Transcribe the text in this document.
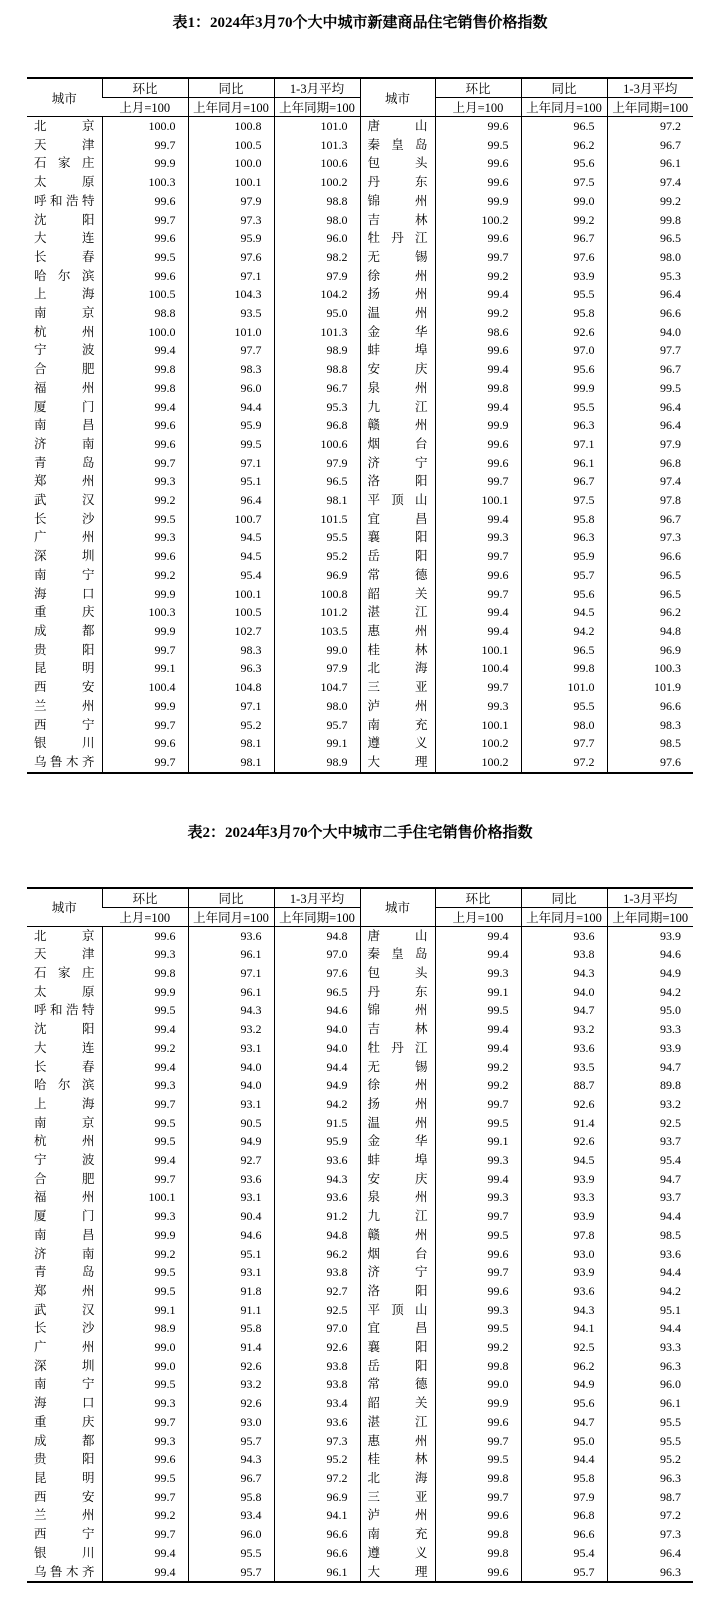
表1：2024年3月70个大中城市新建商品住宅销售价格指数
城市	环比	同比	1-3月平均	城市	环比	同比	1-3月平均
	上月=100	上年同月=100	上年同期=100		上月=100	上年同月=100	上年同期=100
北京	100.0	100.8	101.0	唐山	99.6	96.5	97.2
天津	99.7	100.5	101.3	秦皇岛	99.5	96.2	96.7
石家庄	99.9	100.0	100.6	包头	99.6	95.6	96.1
太原	100.3	100.1	100.2	丹东	99.6	97.5	97.4
呼和浩特	99.6	97.9	98.8	锦州	99.9	99.0	99.2
沈阳	99.7	97.3	98.0	吉林	100.2	99.2	99.8
大连	99.6	95.9	96.0	牡丹江	99.6	96.7	96.5
长春	99.5	97.6	98.2	无锡	99.7	97.6	98.0
哈尔滨	99.6	97.1	97.9	徐州	99.2	93.9	95.3
上海	100.5	104.3	104.2	扬州	99.4	95.5	96.4
南京	98.8	93.5	95.0	温州	99.2	95.8	96.6
杭州	100.0	101.0	101.3	金华	98.6	92.6	94.0
宁波	99.4	97.7	98.9	蚌埠	99.6	97.0	97.7
合肥	99.8	98.3	98.8	安庆	99.4	95.6	96.7
福州	99.8	96.0	96.7	泉州	99.8	99.9	99.5
厦门	99.4	94.4	95.3	九江	99.4	95.5	96.4
南昌	99.6	95.9	96.8	赣州	99.9	96.3	96.4
济南	99.6	99.5	100.6	烟台	99.6	97.1	97.9
青岛	99.7	97.1	97.9	济宁	99.6	96.1	96.8
郑州	99.3	95.1	96.5	洛阳	99.7	96.7	97.4
武汉	99.2	96.4	98.1	平顶山	100.1	97.5	97.8
长沙	99.5	100.7	101.5	宜昌	99.4	95.8	96.7
广州	99.3	94.5	95.5	襄阳	99.3	96.3	97.3
深圳	99.6	94.5	95.2	岳阳	99.7	95.9	96.6
南宁	99.2	95.4	96.9	常德	99.6	95.7	96.5
海口	99.9	100.1	100.8	韶关	99.7	95.6	96.5
重庆	100.3	100.5	101.2	湛江	99.4	94.5	96.2
成都	99.9	102.7	103.5	惠州	99.4	94.2	94.8
贵阳	99.7	98.3	99.0	桂林	100.1	96.5	96.9
昆明	99.1	96.3	97.9	北海	100.4	99.8	100.3
西安	100.4	104.8	104.7	三亚	99.7	101.0	101.9
兰州	99.9	97.1	98.0	泸州	99.3	95.5	96.6
西宁	99.7	95.2	95.7	南充	100.1	98.0	98.3
银川	99.6	98.1	99.1	遵义	100.2	97.7	98.5
乌鲁木齐	99.7	98.1	98.9	大理	100.2	97.2	97.6
表2：2024年3月70个大中城市二手住宅销售价格指数
城市	环比	同比	1-3月平均	城市	环比	同比	1-3月平均
	上月=100	上年同月=100	上年同期=100		上月=100	上年同月=100	上年同期=100
北京	99.6	93.6	94.8	唐山	99.4	93.6	93.9
天津	99.3	96.1	97.0	秦皇岛	99.4	93.8	94.6
石家庄	99.8	97.1	97.6	包头	99.3	94.3	94.9
太原	99.9	96.1	96.5	丹东	99.1	94.0	94.2
呼和浩特	99.5	94.3	94.6	锦州	99.5	94.7	95.0
沈阳	99.4	93.2	94.0	吉林	99.4	93.2	93.3
大连	99.2	93.1	94.0	牡丹江	99.4	93.6	93.9
长春	99.4	94.0	94.4	无锡	99.2	93.5	94.7
哈尔滨	99.3	94.0	94.9	徐州	99.2	88.7	89.8
上海	99.7	93.1	94.2	扬州	99.7	92.6	93.2
南京	99.5	90.5	91.5	温州	99.5	91.4	92.5
杭州	99.5	94.9	95.9	金华	99.1	92.6	93.7
宁波	99.4	92.7	93.6	蚌埠	99.3	94.5	95.4
合肥	99.7	93.6	94.3	安庆	99.4	93.9	94.7
福州	100.1	93.1	93.6	泉州	99.3	93.3	93.7
厦门	99.3	90.4	91.2	九江	99.7	93.9	94.4
南昌	99.9	94.6	94.8	赣州	99.5	97.8	98.5
济南	99.2	95.1	96.2	烟台	99.6	93.0	93.6
青岛	99.5	93.1	93.8	济宁	99.7	93.9	94.4
郑州	99.5	91.8	92.7	洛阳	99.6	93.6	94.2
武汉	99.1	91.1	92.5	平顶山	99.3	94.3	95.1
长沙	98.9	95.8	97.0	宜昌	99.5	94.1	94.4
广州	99.0	91.4	92.6	襄阳	99.2	92.5	93.3
深圳	99.0	92.6	93.8	岳阳	99.8	96.2	96.3
南宁	99.5	93.2	93.8	常德	99.0	94.9	96.0
海口	99.3	92.6	93.4	韶关	99.9	95.6	96.1
重庆	99.7	93.0	93.6	湛江	99.6	94.7	95.5
成都	99.3	95.7	97.3	惠州	99.7	95.0	95.5
贵阳	99.6	94.3	95.2	桂林	99.5	94.4	95.2
昆明	99.5	96.7	97.2	北海	99.8	95.8	96.3
西安	99.7	95.8	96.9	三亚	99.7	97.9	98.7
兰州	99.2	93.4	94.1	泸州	99.6	96.8	97.2
西宁	99.7	96.0	96.6	南充	99.8	96.6	97.3
银川	99.4	95.5	96.6	遵义	99.8	95.4	96.4
乌鲁木齐	99.4	95.7	96.1	大理	99.6	95.7	96.3
